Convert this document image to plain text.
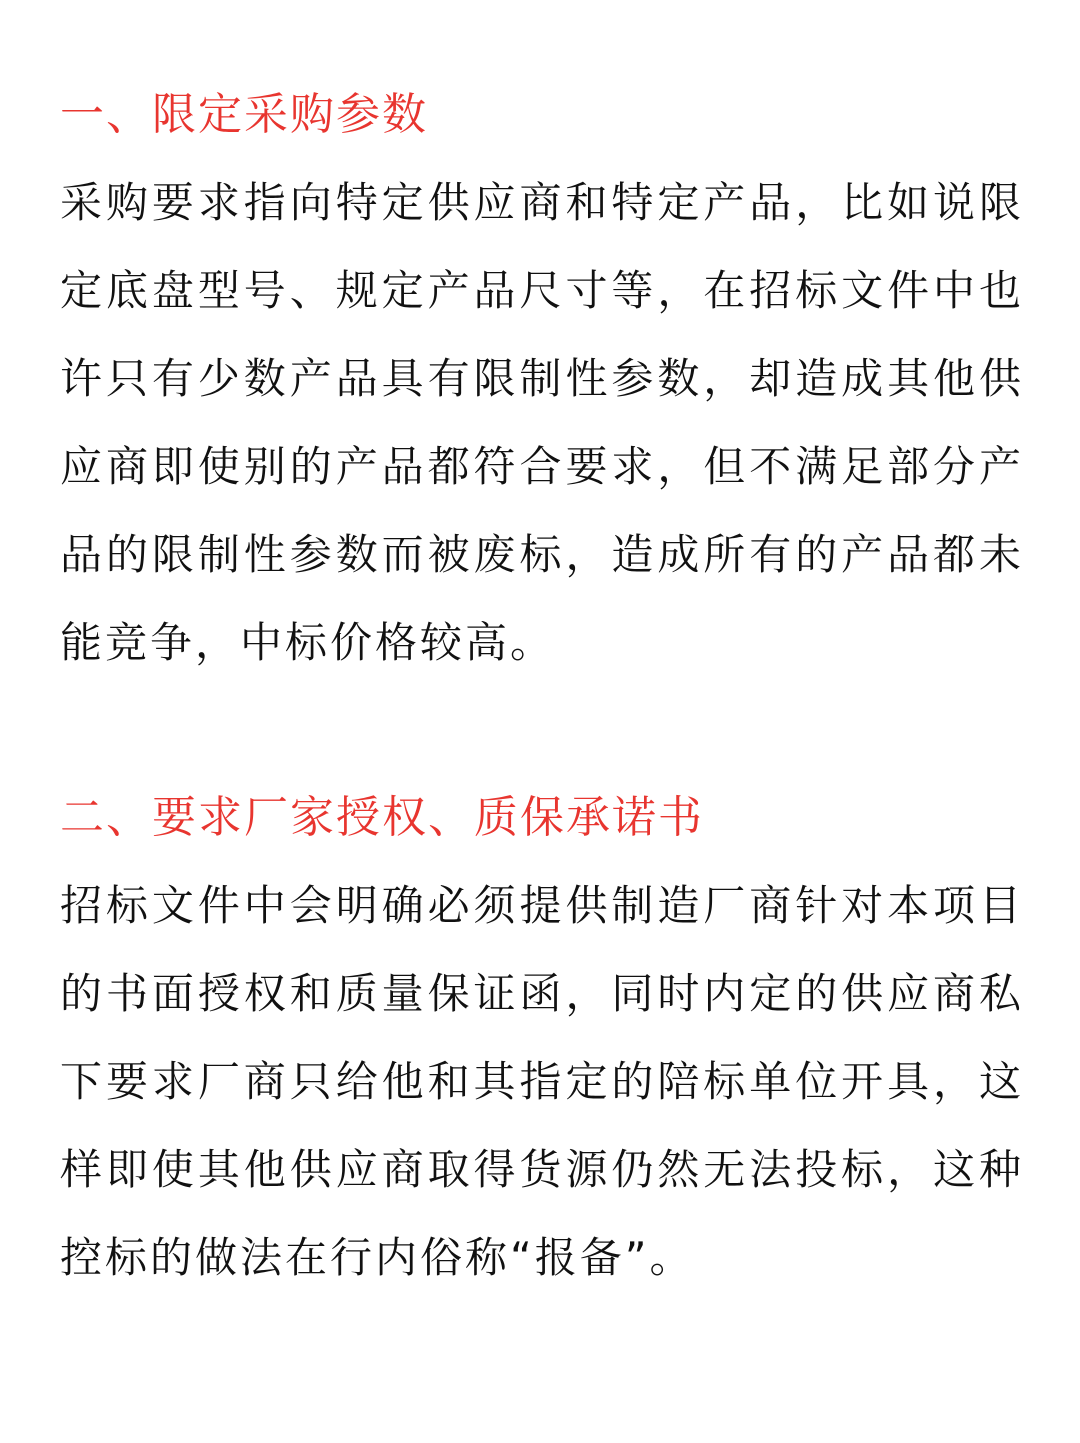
一、限定采购参数
采购要求指向特定供应商和特定产品，比如说限
定底盘型号、规定产品尺寸等，在招标文件中也
许只有少数产品具有限制性参数，却造成其他供
应商即使别的产品都符合要求，但不满足部分产
品的限制性参数而被废标，造成所有的产品都未
能竞争，中标价格较高。
二、要求厂家授权、质保承诺书
招标文件中会明确必须提供制造厂商针对本项目
的书面授权和质量保证函，同时内定的供应商私
下要求厂商只给他和其指定的陪标单位开具，这
样即使其他供应商取得货源仍然无法投标，这种
控标的做法在行内俗称“报备”。
